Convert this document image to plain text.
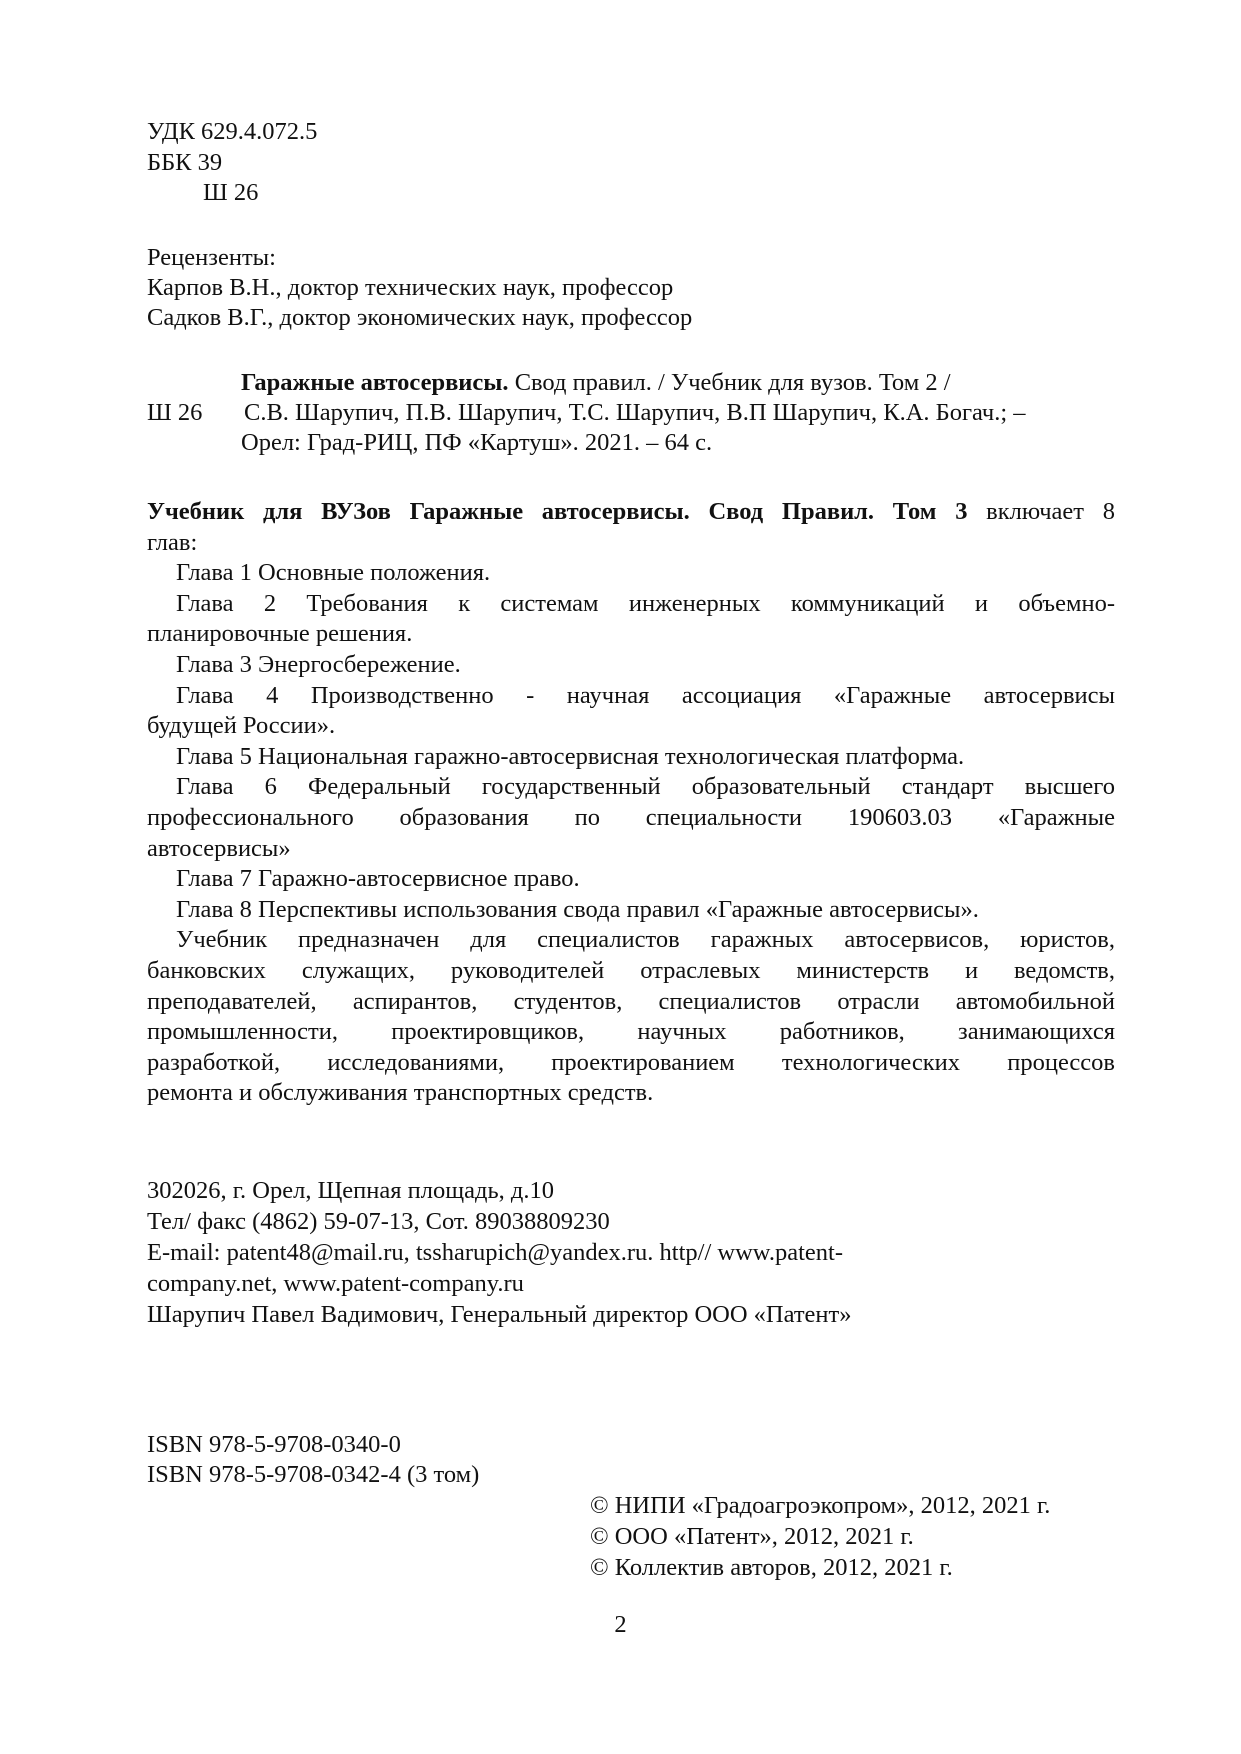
УДК 629.4.072.5
ББК 39
Ш 26
Рецензенты:
Карпов В.Н., доктор технических наук, профессор
Садков В.Г., доктор экономических наук, профессор
Ш 26
Гаражные автосервисы. Свод правил. / Учебник для вузов. Том 2 /
С.В. Шарупич, П.В. Шарупич, Т.С. Шарупич, В.П Шарупич, К.А. Богач.; –
Орел: Град-РИЦ, ПФ «Картуш». 2021. – 64 с.
Учебник для ВУЗов Гаражные автосервисы. Свод Правил. Том 3 включает 8
глав:
Глава 1 Основные положения.
Глава 2 Требования к системам инженерных коммуникаций и объемно-
планировочные решения.
Глава 3 Энергосбережение.
Глава 4 Производственно - научная ассоциация «Гаражные автосервисы
будущей России».
Глава 5 Национальная гаражно-автосервисная технологическая платформа.
Глава 6 Федеральный государственный образовательный стандарт высшего
профессионального образования по специальности 190603.03 «Гаражные
автосервисы»
Глава 7 Гаражно-автосервисное право.
Глава 8 Перспективы использования свода правил «Гаражные автосервисы».
Учебник предназначен для специалистов гаражных автосервисов, юристов,
банковских служащих, руководителей отраслевых министерств и ведомств,
преподавателей, аспирантов, студентов, специалистов отрасли автомобильной
промышленности, проектировщиков, научных работников, занимающихся
разработкой, исследованиями, проектированием технологических процессов
ремонта и обслуживания транспортных средств.
302026, г. Орел, Щепная площадь, д.10
Тел/ факс (4862) 59-07-13, Сот. 89038809230
E-mail: patent48@mail.ru, tssharupich@yandex.ru. http// www.patent-
company.net, www.patent-company.ru
Шарупич Павел Вадимович, Генеральный директор ООО «Патент»
ISBN 978-5-9708-0340-0
ISBN 978-5-9708-0342-4 (3 том)
© НИПИ «Градоагроэкопром», 2012, 2021 г.
© ООО «Патент», 2012, 2021 г.
© Коллектив авторов, 2012, 2021 г.
2
